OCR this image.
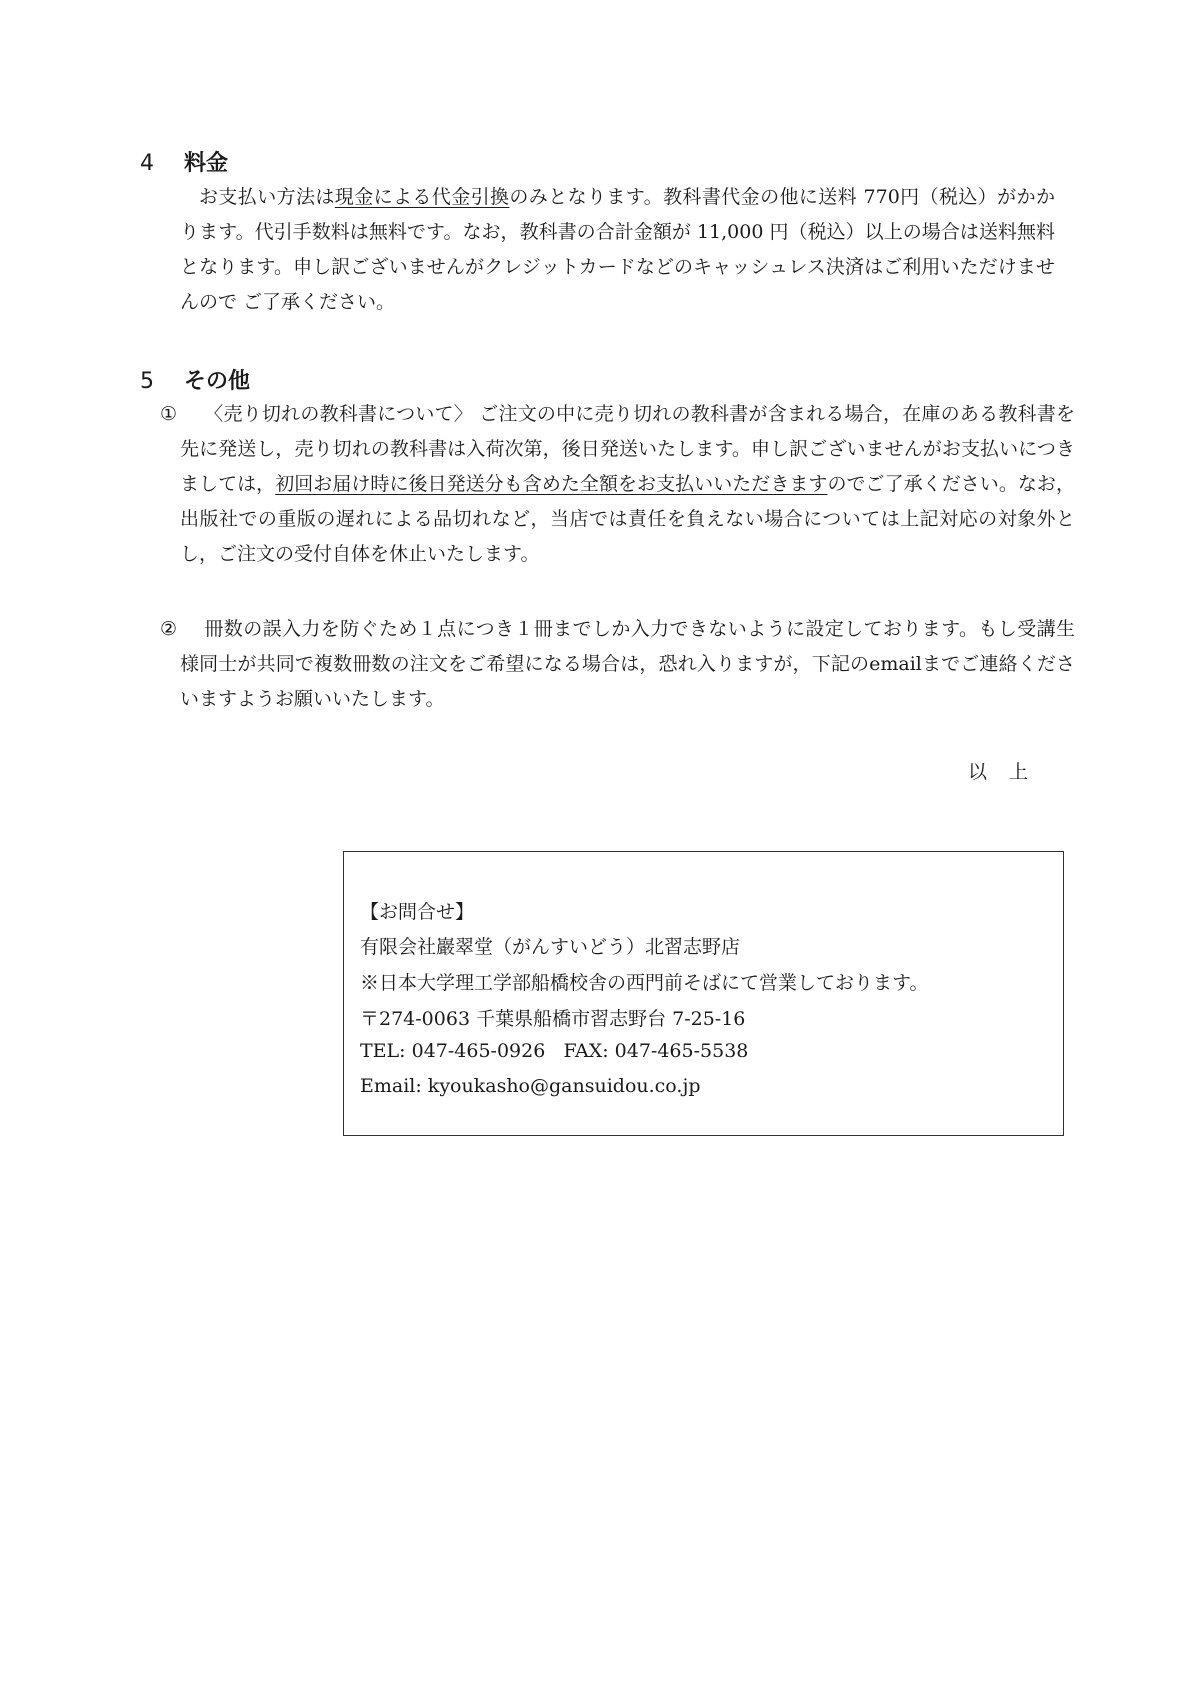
4 料金

お支払い方法は現金による代金引換のみとなります。教科書代金の他に送料 770円（税込）がかかります。代引手数料は無料です。なお，教科書の合計金額が 11,000 円（税込）以上の場合は送料無料となります。申し訳ございませんがクレジットカードなどのキャッシュレス決済はご利用いただけませんので ご了承ください。

5 その他

① 〈売り切れの教科書について〉 ご注文の中に売り切れの教科書が含まれる場合，在庫のある教科書を先に発送し，売り切れの教科書は入荷次第，後日発送いたします。申し訳ございませんがお支払いにつきましては，初回お届け時に後日発送分も含めた全額をお支払いいただきますのでご了承ください。なお，出版社での重版の遅れによる品切れなど，当店では責任を負えない場合については上記対応の対象外とし，ご注文の受付自体を休止いたします。

② 冊数の誤入力を防ぐため１点につき１冊までしか入力できないように設定しております。もし受講生様同士が共同で複数冊数の注文をご希望になる場合は，恐れ入りますが，下記のemailまでご連絡くださいますようお願いいたします。

以上

【お問合せ】
有限会社巖翠堂（がんすいどう）北習志野店
※日本大学理工学部船橋校舎の西門前そばにて営業しております。
〒274-0063 千葉県船橋市習志野台 7-25-16
TEL: 047-465-0926   FAX: 047-465-5538
Email: kyoukasho@gansuidou.co.jp
